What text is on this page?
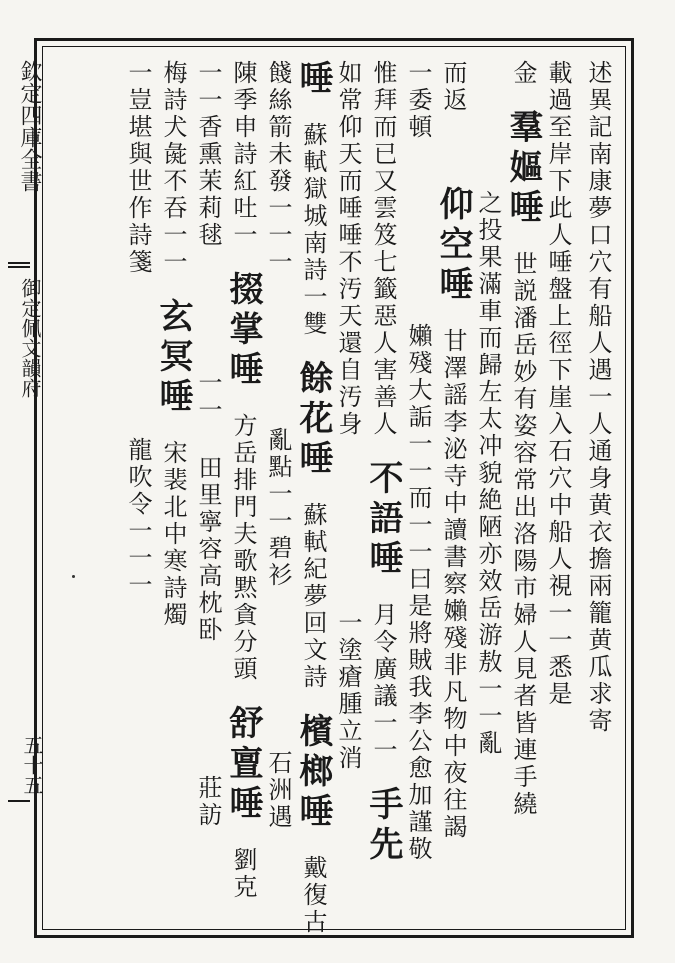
欽定四庫全書
御定佩文韻府
五十五
述異記南康夢口穴有船人遇一人通身黄衣擔兩籠黄瓜求寄
載過至岸下此人唾盤上徑下崖入石穴中船人視一一悉是
金 羣嫗唾 世説潘岳妙有姿容常出洛陽市婦人見者皆連手繞
之投果滿車而歸左太冲貌絶陋亦效岳游敖一一亂
而返 仰空唾 甘澤謡李泌寺中讀書察嬾殘非凡物中夜往謁
一委頓  嬾殘大詬一一而一一曰是將賊我李公愈加謹敬
惟拜而已又雲笈七籤惡人害善人 不語唾 月令廣議一一 手先
如常仰天而唾唾不汚天還自汚身  一塗瘡腫立消
唾 蘇軾獄城南詩一雙 餘花唾 蘇軾紀夢回文詩 檳榔唾 戴復古
餞絲箭未發一一一 亂點一一碧衫 石洲遇
陳季申詩紅吐一 掇掌唾 方岳排門夫歌黙貪分頭 舒亶唾 劉克
一一香熏茉莉毬 一一 田里寧容高枕卧 莊訪
梅詩犬彘不吞一一 玄冥唾 宋裴北中寒詩燭
一豈堪與世作詩箋 龍吹令一一一
